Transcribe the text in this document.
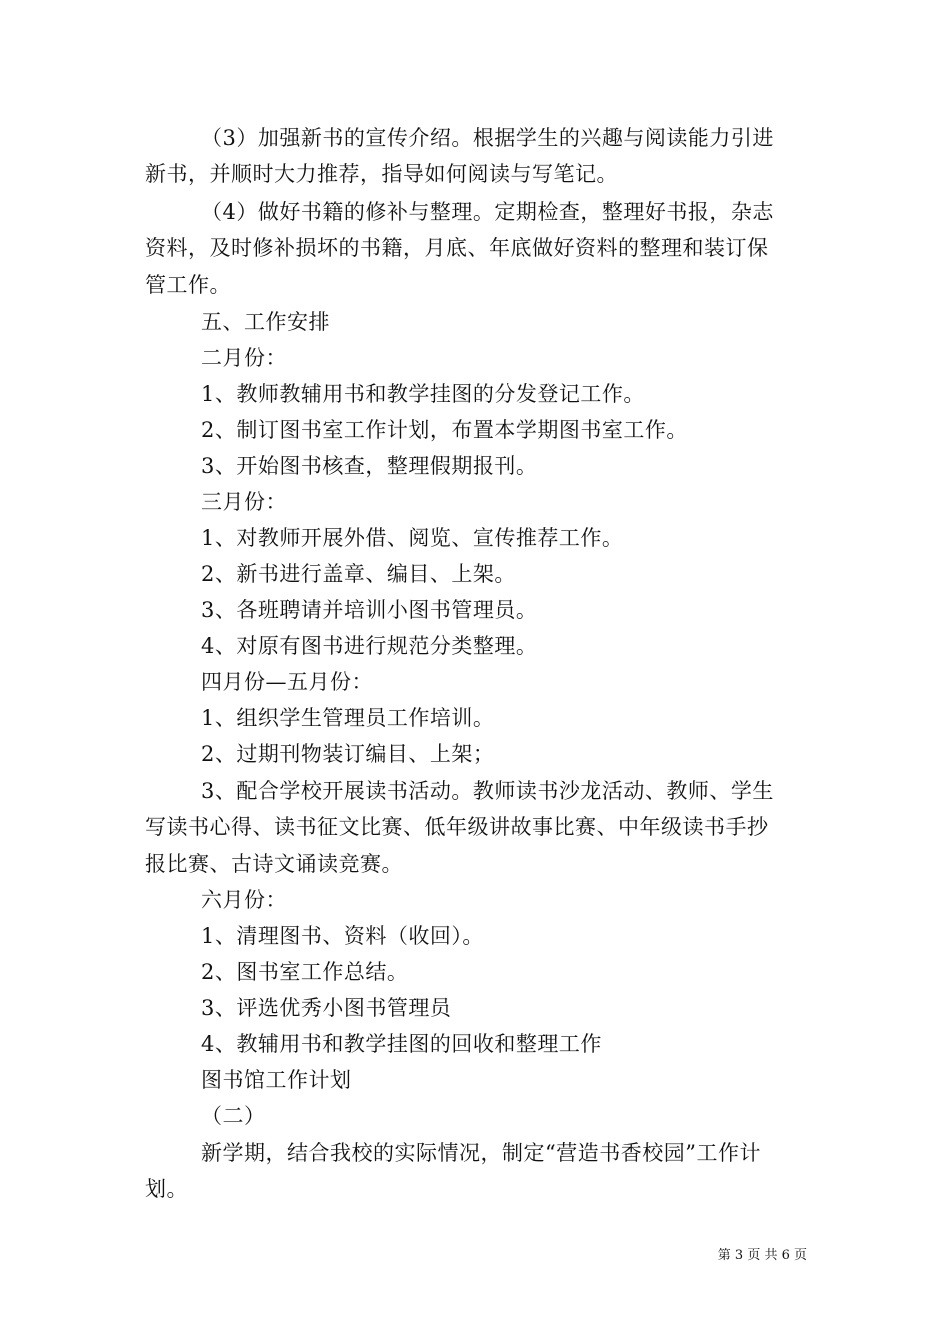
（3）加强新书的宣传介绍。根据学生的兴趣与阅读能力引进
新书，并顺时大力推荐，指导如何阅读与写笔记。
（4）做好书籍的修补与整理。定期检查，整理好书报，杂志
资料，及时修补损坏的书籍，月底、年底做好资料的整理和装订保
管工作。
五、工作安排
二月份：
1、教师教辅用书和教学挂图的分发登记工作。
2、制订图书室工作计划，布置本学期图书室工作。
3、开始图书核查，整理假期报刊。
三月份：
1、对教师开展外借、阅览、宣传推荐工作。
2、新书进行盖章、编目、上架。
3、各班聘请并培训小图书管理员。
4、对原有图书进行规范分类整理。
四月份—五月份：
1、组织学生管理员工作培训。
2、过期刊物装订编目、上架；
3、配合学校开展读书活动。教师读书沙龙活动、教师、学生
写读书心得、读书征文比赛、低年级讲故事比赛、中年级读书手抄
报比赛、古诗文诵读竞赛。
六月份：
1、清理图书、资料（收回）。
2、图书室工作总结。
3、评选优秀小图书管理员
4、教辅用书和教学挂图的回收和整理工作
图书馆工作计划
（二）
新学期，结合我校的实际情况，制定“营造书香校园”工作计
划。
第 3 页 共 6 页
